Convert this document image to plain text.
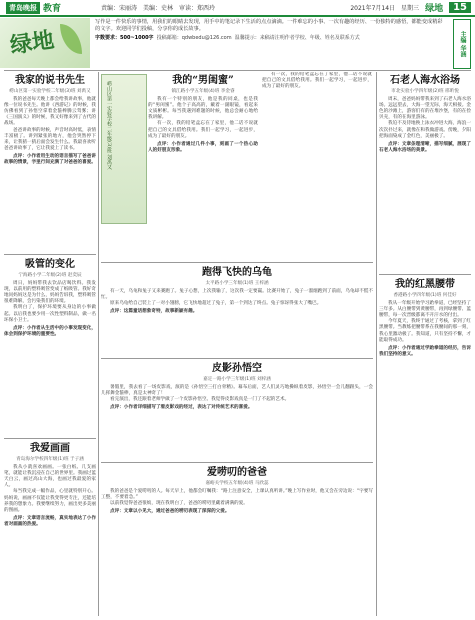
青岛晚报 教育	责编：宋丽涛　美编：史林　审读：郑西玲	2021年7月14日　星期三 绿地	15
绿地
写作是一件快乐的事情，用我们的眼睛去发现，用手中的笔记录下生活的点点滴滴。一件难忘的小事、一次有趣的经历、一份独特的感悟，都能变成精彩的文字。欢迎同学们投稿，分享你的成长故事。
字数要求：500~1000字 投稿邮箱：qdwbedu@126.com 温馨提示：来稿请注明作者学校、年级、姓名及联系方式	主编 华涵
我家的说书先生
崂山区第一实验学校二年级(3)班 刘禹又

我的爸爸每天晚上都会给我讲故事，他就像一位说书先生。他讲《西游记》的时候，我仿佛看到了孙悟空拿着金箍棒腾云驾雾；讲《三国演义》的时候，我又好像来到了古代的战场。

爸爸讲故事的时候，声音时高时低，表情丰富极了。讲到紧张的地方，他会突然停下来，让我猜一猜后面会发生什么。我最喜欢听爸爸讲故事了，它让我爱上了读书。

点评：小作者用生动的语言描写了爸爸讲故事的情景，字里行间充满了对爸爸的喜爱。

吸管的变化
宁海路小学二年级(2)班 赵奕辰

周日，妈妈带我去饮品店喝饮料。我发现，以前用的塑料吸管变成了纸吸管。我好奇地问妈妈这是为什么，妈妈告诉我，塑料吸管很难降解，会污染我们的环境。

我明白了，保护环境要从身边的小事做起。以后我也要少用一次性塑料制品，做一名环保小卫士。

点评：小作者从生活中的小事发现变化，体会到保护环境的重要性。

我爱画画
青岛海尔学校四年级(1)班 于子涵

我从小就喜欢画画。一张白纸、几支画笔，就能让我沉浸在自己的世界里。我画过蓝天白云，画过高山大海，也画过我最爱的家人。

每当我完成一幅作品，心里就特别开心。妈妈说，画画不仅能让我变得更专注，还能培养我的想象力。我要继续努力，画出更多美丽的图画。

点评：文章语言流畅，真实地表达了小作者对画画的热爱。

崂山区第一实验学校二年级(3)班 刘禹又
我的“男闺蜜”
镇江路小学五年级(4)班 李金睿

我有一个特别的朋友，他是我的同桌，也是我的“男闺蜜”。他个子高高的，戴着一副眼镜，看起来文质彬彬。每当我遇到难题的时候，他总会耐心地给我讲解。

有一次，我的铅笔盒忘在了家里，他二话不说就把自己的文具借给我用。我们一起学习，一起进步，成为了最好的朋友。

点评：小作者通过几件小事，刻画了一个热心助人的好朋友形象。

有一次，我的铅笔盒忘在了家里，他二话不说就把自己的文具借给我用。我们一起学习，一起进步，成为了最好的朋友。

跑得飞快的乌龟
太平路小学三年级(1)班 王梓涵

有一天，乌龟和兔子又来赛跑了。兔子心想，上次我输了，这次我一定要赢。比赛开始了，兔子一溜烟跑到了前面，乌龟却不慌不忙。

原来乌龟给自己装上了一对小翅膀，它飞快地超过了兔子，第一个到达了终点。兔子惊讶得张大了嘴巴。

点评：这篇童话想象奇特，故事新颖有趣。

皮影孙悟空
嘉定一路小学三年级(1)班 刘梓涵

暑假里，我去看了一场皮影戏，演的是《孙悟空三打白骨精》。幕布后面，艺人们灵巧地操纵着皮影，孙悟空一会儿翻跟头，一会儿挥舞金箍棒，真是太神奇了！

看完演出，我还跟着老师学做了一个皮影孙悟空。我觉得皮影戏真是一门了不起的艺术。

点评：小作者详细描写了看皮影戏的经过，表达了对传统艺术的喜爱。

爱唠叨的爸爸
嘉峪关学校五年级(4)班 马欣蕊

我的爸爸是个爱唠叨的人。每天早上，他都会叮嘱我：“路上注意安全，上课认真听讲。”晚上写作业时，他又会在旁边说：“字要写工整，不要着急。”

以前我觉得爸爸很烦，现在我明白了，爸爸的唠叨里藏着满满的爱。

点评：文章以小见大，通过爸爸的唠叨表现了深深的父爱。

石老人海水浴场
市北实验小学四年级(2)班 邢昕悦

周末，爸爸妈妈带我来到了石老人海水浴场。远远望去，大海一望无际，海天相接。金色的沙滩上，游客们有的在堆沙堡，有的在捡贝壳，有的在海里游泳。

我迫不及待地换上泳衣冲进大海，海浪一次次扑过来，就像在和我做游戏。傍晚，夕阳把海面染成了金红色，美丽极了。

点评：文章条理清晰，描写细腻，展现了石老人海水浴场的美景。

我的红黑腰带
香港路小学四年级(1)班 何佳好

我从一年级开始学习跆拳道，已经坚持了三年多。从白腰带到黄腰带，再到绿腰带、蓝腰带，每一次晋级都离不开汗水的付出。

今年夏天，我终于通过了考核，拿到了红黑腰带。当教练把腰带系在我腰间的那一刻，我心里激动极了。我知道，只有坚持不懈，才能取得成功。

点评：小作者通过学跆拳道的经历，告诉我们坚持的意义。
